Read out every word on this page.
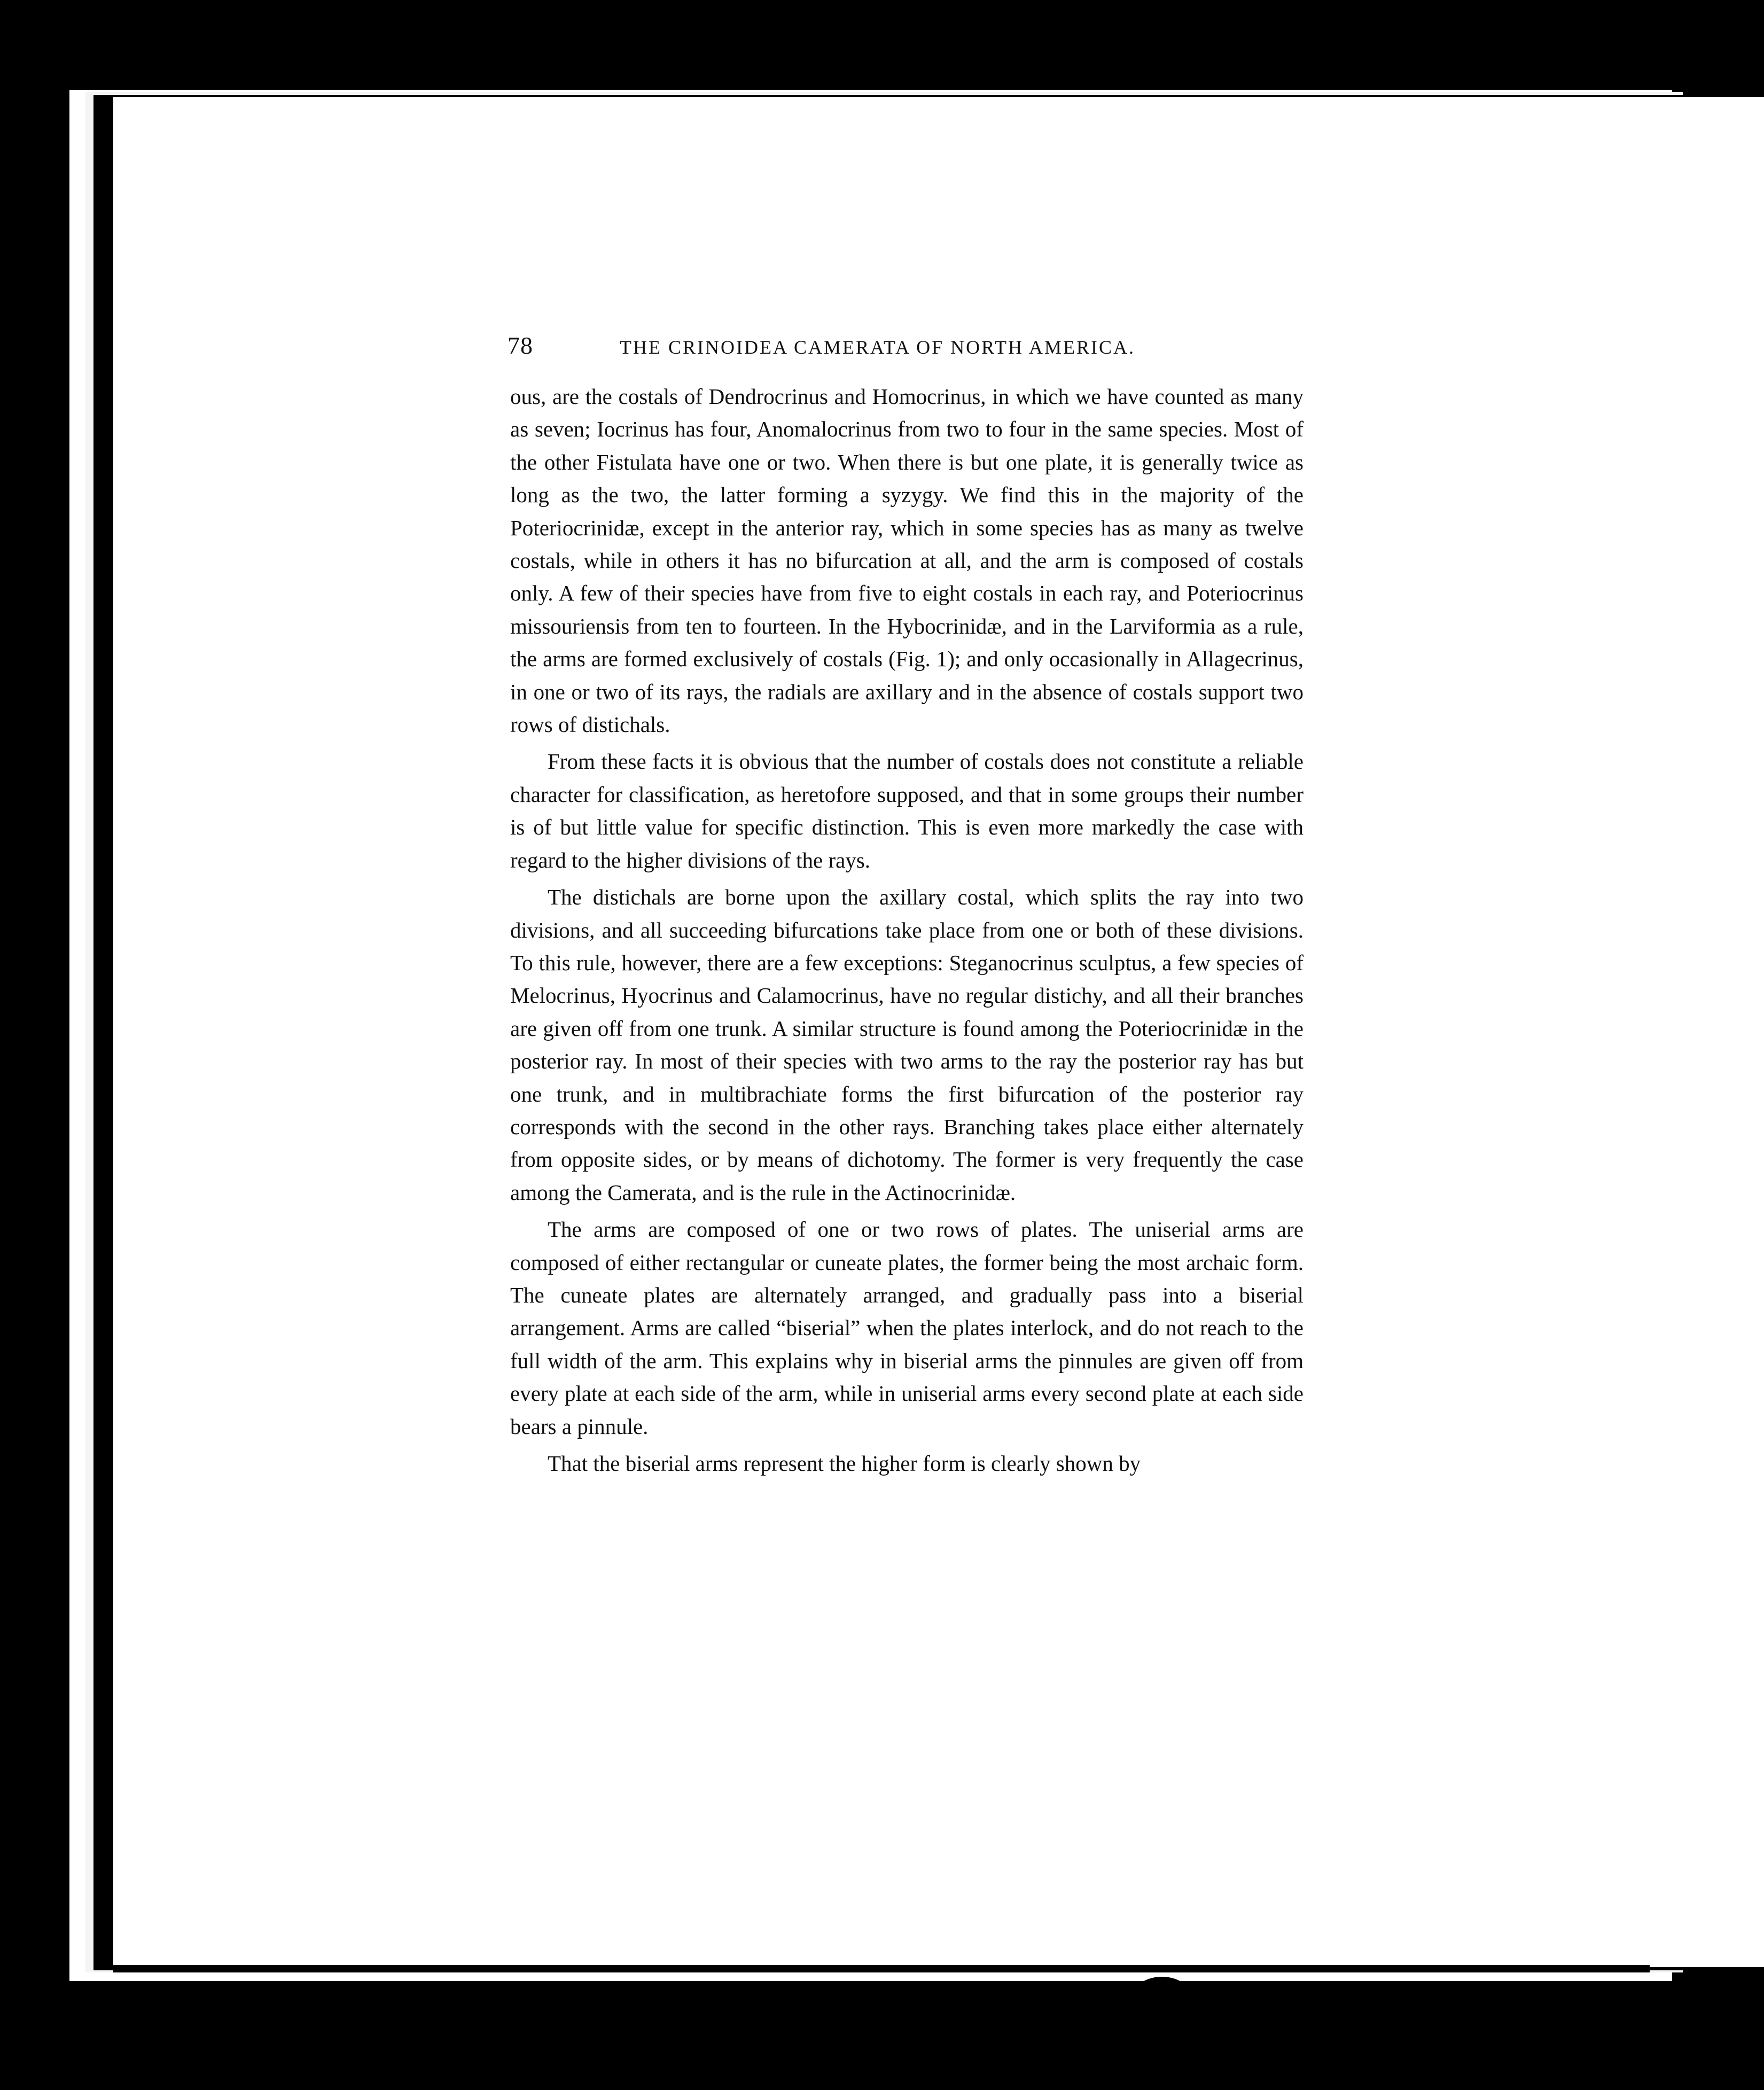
78	THE CRINOIDEA CAMERATA OF NORTH AMERICA.

ous, are the costals of Dendrocrinus and Homocrinus, in which we have counted as many as seven; Iocrinus has four, Anomalocrinus from two to four in the same species. Most of the other Fistulata have one or two. When there is but one plate, it is generally twice as long as the two, the latter forming a syzygy. We find this in the majority of the Poteriocrinidæ, except in the anterior ray, which in some species has as many as twelve costals, while in others it has no bifurcation at all, and the arm is composed of costals only. A few of their species have from five to eight costals in each ray, and Poteriocrinus missouriensis from ten to fourteen. In the Hybocrinidæ, and in the Larviformia as a rule, the arms are formed exclusively of costals (Fig. 1); and only occasionally in Allagecrinus, in one or two of its rays, the radials are axillary and in the absence of costals support two rows of distichals.

From these facts it is obvious that the number of costals does not constitute a reliable character for classification, as heretofore supposed, and that in some groups their number is of but little value for specific distinction. This is even more markedly the case with regard to the higher divisions of the rays.

The distichals are borne upon the axillary costal, which splits the ray into two divisions, and all succeeding bifurcations take place from one or both of these divisions. To this rule, however, there are a few exceptions: Steganocrinus sculptus, a few species of Melocrinus, Hyocrinus and Calamocrinus, have no regular distichy, and all their branches are given off from one trunk. A similar structure is found among the Poteriocrinidæ in the posterior ray. In most of their species with two arms to the ray the posterior ray has but one trunk, and in multibrachiate forms the first bifurcation of the posterior ray corresponds with the second in the other rays. Branching takes place either alternately from opposite sides, or by means of dichotomy. The former is very frequently the case among the Camerata, and is the rule in the Actinocrinidæ.

The arms are composed of one or two rows of plates. The uniserial arms are composed of either rectangular or cuneate plates, the former being the most archaic form. The cuneate plates are alternately arranged, and gradually pass into a biserial arrangement. Arms are called “biserial” when the plates interlock, and do not reach to the full width of the arm. This explains why in biserial arms the pinnules are given off from every plate at each side of the arm, while in uniserial arms every second plate at each side bears a pinnule.

That the biserial arms represent the higher form is clearly shown by
